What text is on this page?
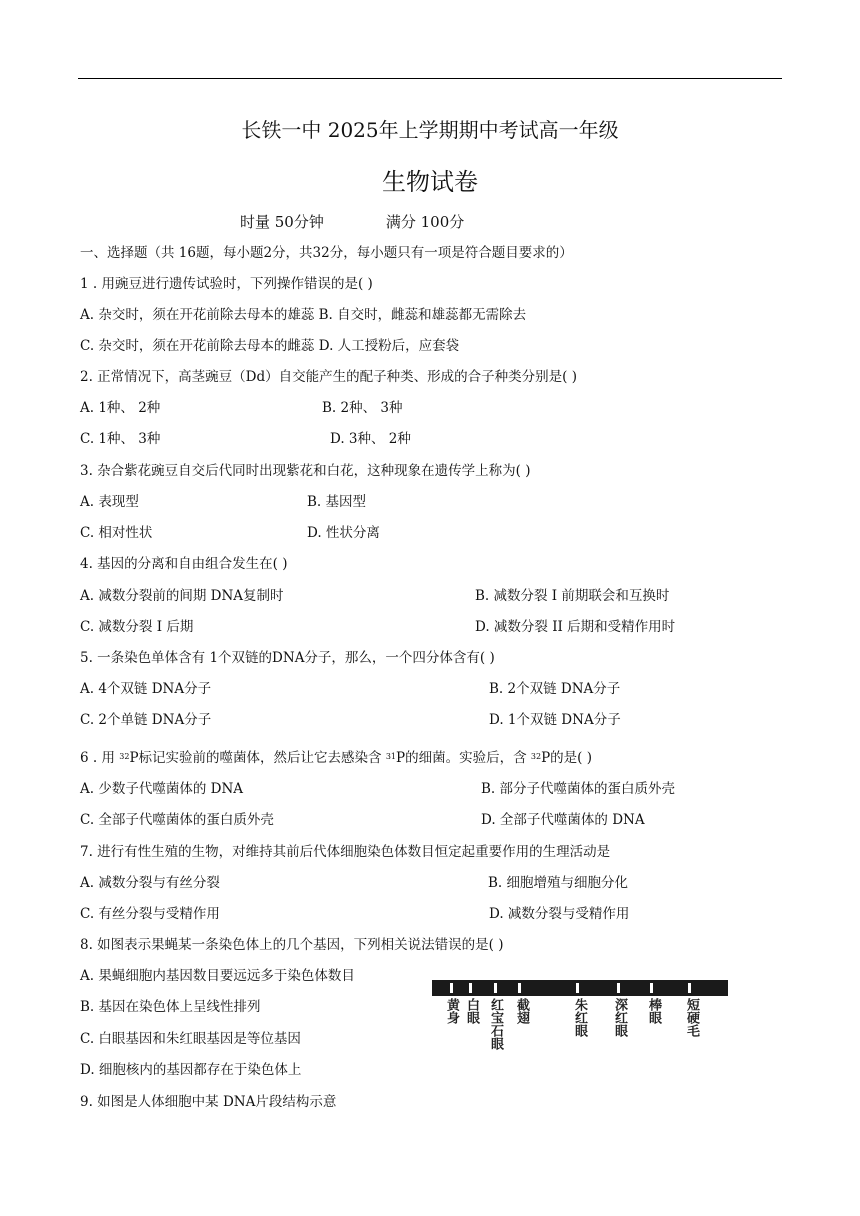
长铁一中 2025年上学期期中考试高一年级
生物试卷
时量 50分钟	满分 100分
一、选择题（共 16题，每小题2分，共32分，每小题只有一项是符合题目要求的）
1 . 用豌豆进行遗传试验时，下列操作错误的是( )
A. 杂交时，须在开花前除去母本的雄蕊 B. 自交时，雌蕊和雄蕊都无需除去
C. 杂交时，须在开花前除去母本的雌蕊 D. 人工授粉后，应套袋
2. 正常情况下，高茎豌豆（Dd）自交能产生的配子种类、形成的合子种类分别是( )
A. 1种、 2种	B. 2种、 3种
C. 1种、 3种	D. 3种、 2种
3. 杂合紫花豌豆自交后代同时出现紫花和白花，这种现象在遗传学上称为( )
A. 表现型	B. 基因型
C. 相对性状	D. 性状分离
4. 基因的分离和自由组合发生在( )
A. 减数分裂前的间期 DNA复制时	B. 减数分裂 I 前期联会和互换时
C. 减数分裂 I 后期	D. 减数分裂 II 后期和受精作用时
5. 一条染色单体含有 1个双链的DNA分子，那么，一个四分体含有( )
A. 4个双链 DNA分子	B. 2个双链 DNA分子
C. 2个单链 DNA分子	D. 1个双链 DNA分子
6 . 用 $^{32}$P标记实验前的噬菌体，然后让它去感染含 $^{31}$P的细菌。实验后，含 $^{32}$P的是( )
A. 少数子代噬菌体的 DNA	B. 部分子代噬菌体的蛋白质外壳
C. 全部子代噬菌体的蛋白质外壳	D. 全部子代噬菌体的 DNA
7. 进行有性生殖的生物，对维持其前后代体细胞染色体数目恒定起重要作用的生理活动是
A. 减数分裂与有丝分裂	B. 细胞增殖与细胞分化
C. 有丝分裂与受精作用	D. 减数分裂与受精作用
8. 如图表示果蝇某一条染色体上的几个基因，下列相关说法错误的是( )
A. 果蝇细胞内基因数目要远远多于染色体数目
B. 基因在染色体上呈线性排列
C. 白眼基因和朱红眼基因是等位基因
D. 细胞核内的基因都存在于染色体上
黄身 白眼 红宝石眼 截翅	朱红眼 深红眼 棒眼 短硬毛
9. 如图是人体细胞中某 DNA片段结构示意
